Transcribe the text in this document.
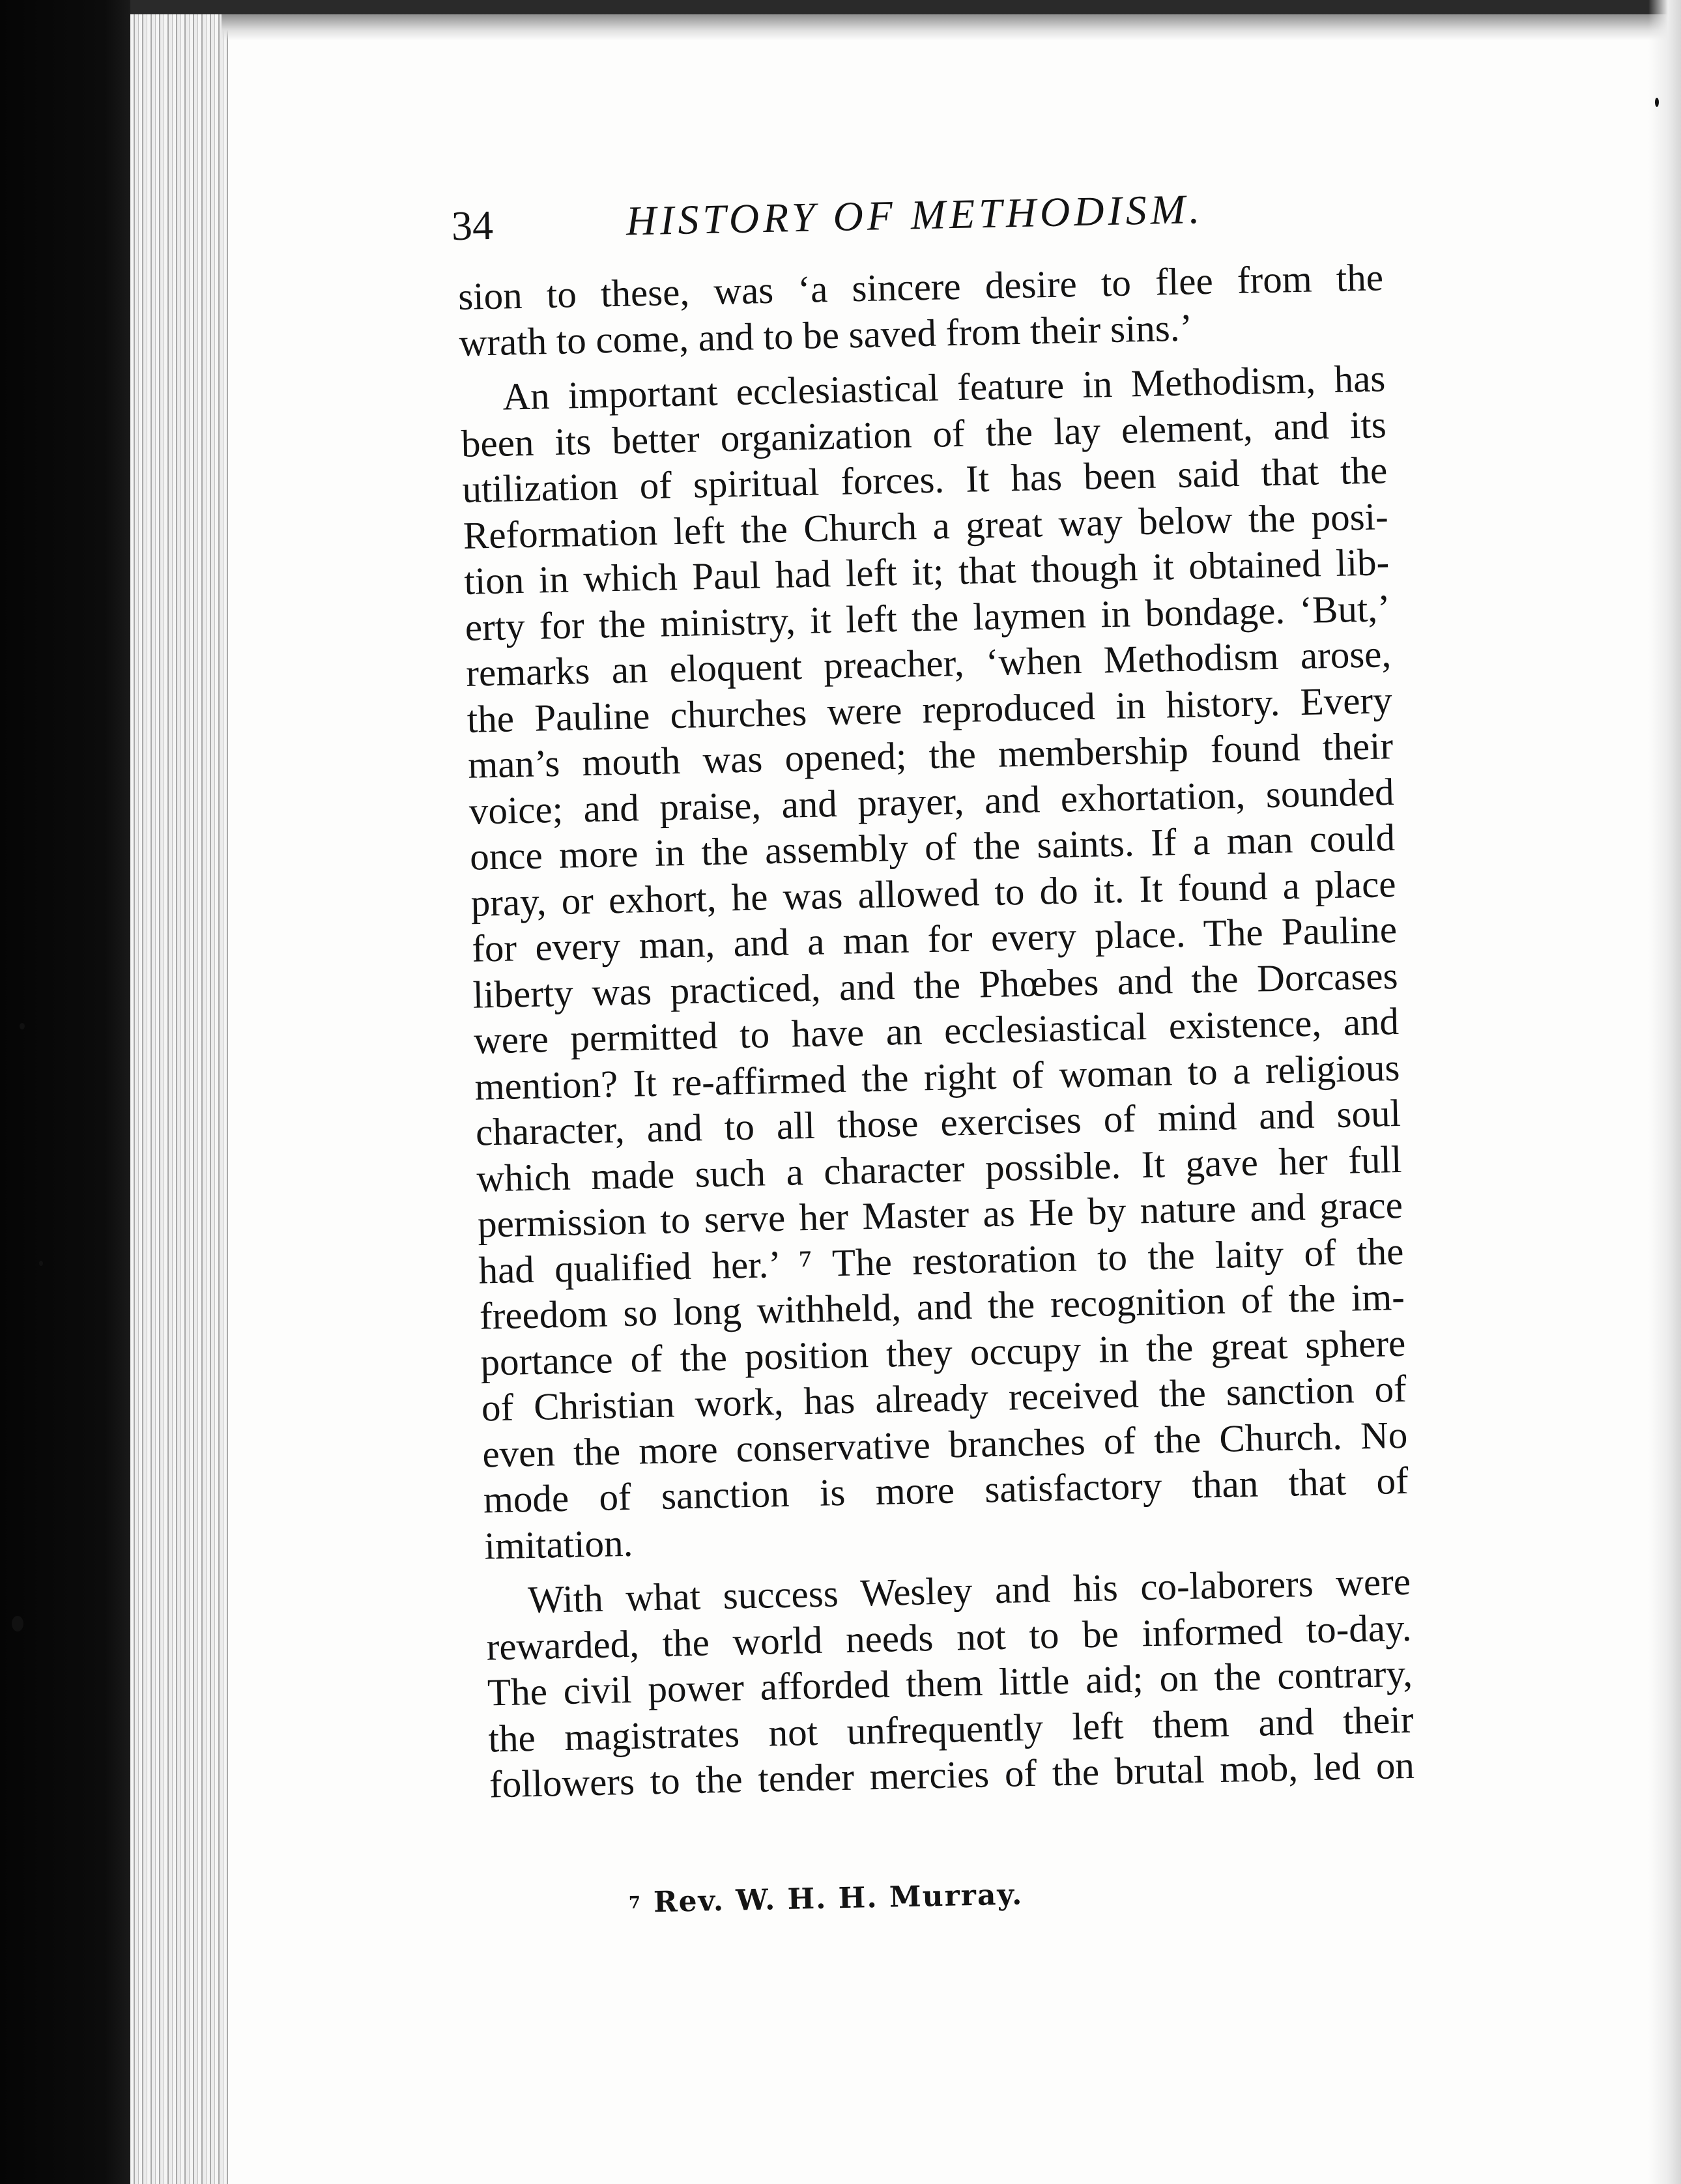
34	HISTORY OF METHODISM.
sion to these, was ‘a sincere desire to flee from the
wrath to come, and to be saved from their sins.’
An important ecclesiastical feature in Methodism, has
been its better organization of the lay element, and its
utilization of spiritual forces. It has been said that the
Reformation left the Church a great way below the posi-
tion in which Paul had left it; that though it obtained lib-
erty for the ministry, it left the laymen in bondage. ‘But,’
remarks an eloquent preacher, ‘when Methodism arose,
the Pauline churches were reproduced in history. Every
man’s mouth was opened; the membership found their
voice; and praise, and prayer, and exhortation, sounded
once more in the assembly of the saints. If a man could
pray, or exhort, he was allowed to do it. It found a place
for every man, and a man for every place. The Pauline
liberty was practiced, and the Phœbes and the Dorcases
were permitted to have an ecclesiastical existence, and
mention? It re-affirmed the right of woman to a religious
character, and to all those exercises of mind and soul
which made such a character possible. It gave her full
permission to serve her Master as He by nature and grace
had qualified her.’ ⁷ The restoration to the laity of the
freedom so long withheld, and the recognition of the im-
portance of the position they occupy in the great sphere
of Christian work, has already received the sanction of
even the more conservative branches of the Church. No
mode of sanction is more satisfactory than that of
imitation.
With what success Wesley and his co-laborers were
rewarded, the world needs not to be informed to-day.
The civil power afforded them little aid; on the contrary,
the magistrates not unfrequently left them and their
followers to the tender mercies of the brutal mob, led on
7 Rev. W. H. H. Murray.
